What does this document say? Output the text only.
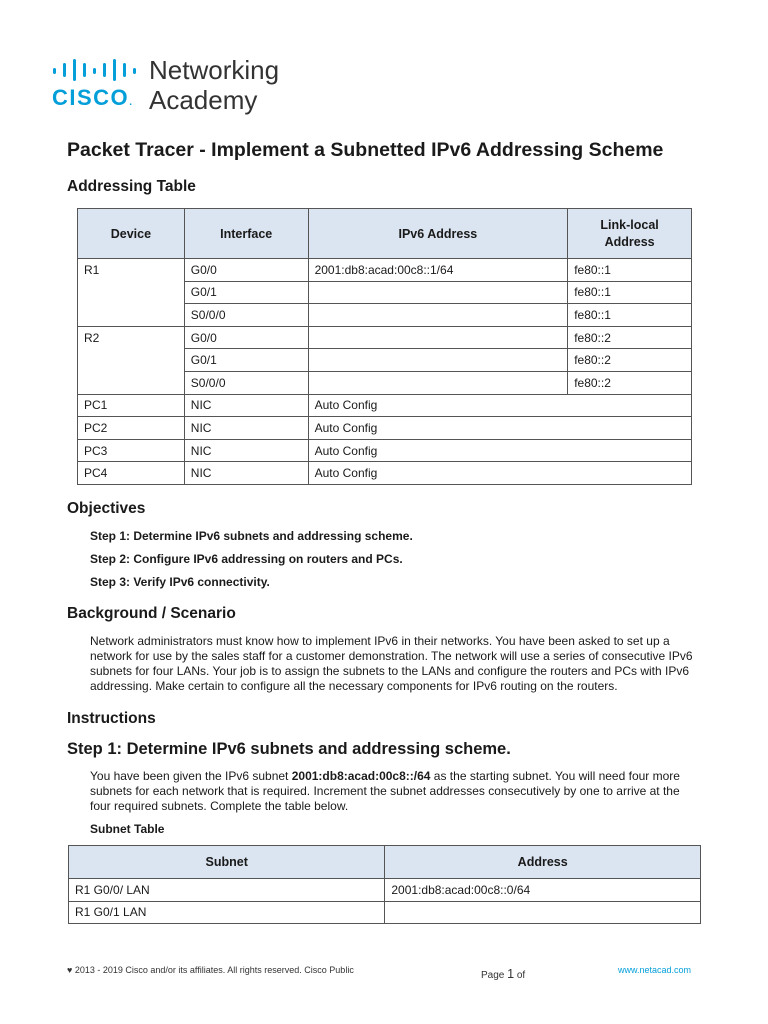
CISCO.
Networking
Academy
Packet Tracer - Implement a Subnetted IPv6 Addressing Scheme
Addressing Table
Device	Interface	IPv6 Address	Link-local Address
R1	G0/0	2001:db8:acad:00c8::1/64	fe80::1
	G0/1		fe80::1
	S0/0/0		fe80::1
R2	G0/0		fe80::2
	G0/1		fe80::2
	S0/0/0		fe80::2
PC1	NIC	Auto Config	
PC2	NIC	Auto Config	
PC3	NIC	Auto Config	
PC4	NIC	Auto Config	
Objectives
Step 1: Determine IPv6 subnets and addressing scheme.
Step 2: Configure IPv6 addressing on routers and PCs.
Step 3: Verify IPv6 connectivity.
Background / Scenario
Network administrators must know how to implement IPv6 in their networks. You have been asked to set up a network for use by the sales staff for a customer demonstration. The network will use a series of consecutive IPv6 subnets for four LANs. Your job is to assign the subnets to the LANs and configure the routers and PCs with IPv6 addressing. Make certain to configure all the necessary components for IPv6 routing on the routers.
Instructions
Step 1: Determine IPv6 subnets and addressing scheme.
You have been given the IPv6 subnet 2001:db8:acad:00c8::/64 as the starting subnet. You will need four more subnets for each network that is required. Increment the subnet addresses consecutively by one to arrive at the four required subnets. Complete the table below.
Subnet Table
Subnet	Address
R1 G0/0/ LAN	2001:db8:acad:00c8::0/64
R1 G0/1 LAN	
♥ 2013 - 2019 Cisco and/or its affiliates. All rights reserved. Cisco Public	Page 1 of	www.netacad.com
